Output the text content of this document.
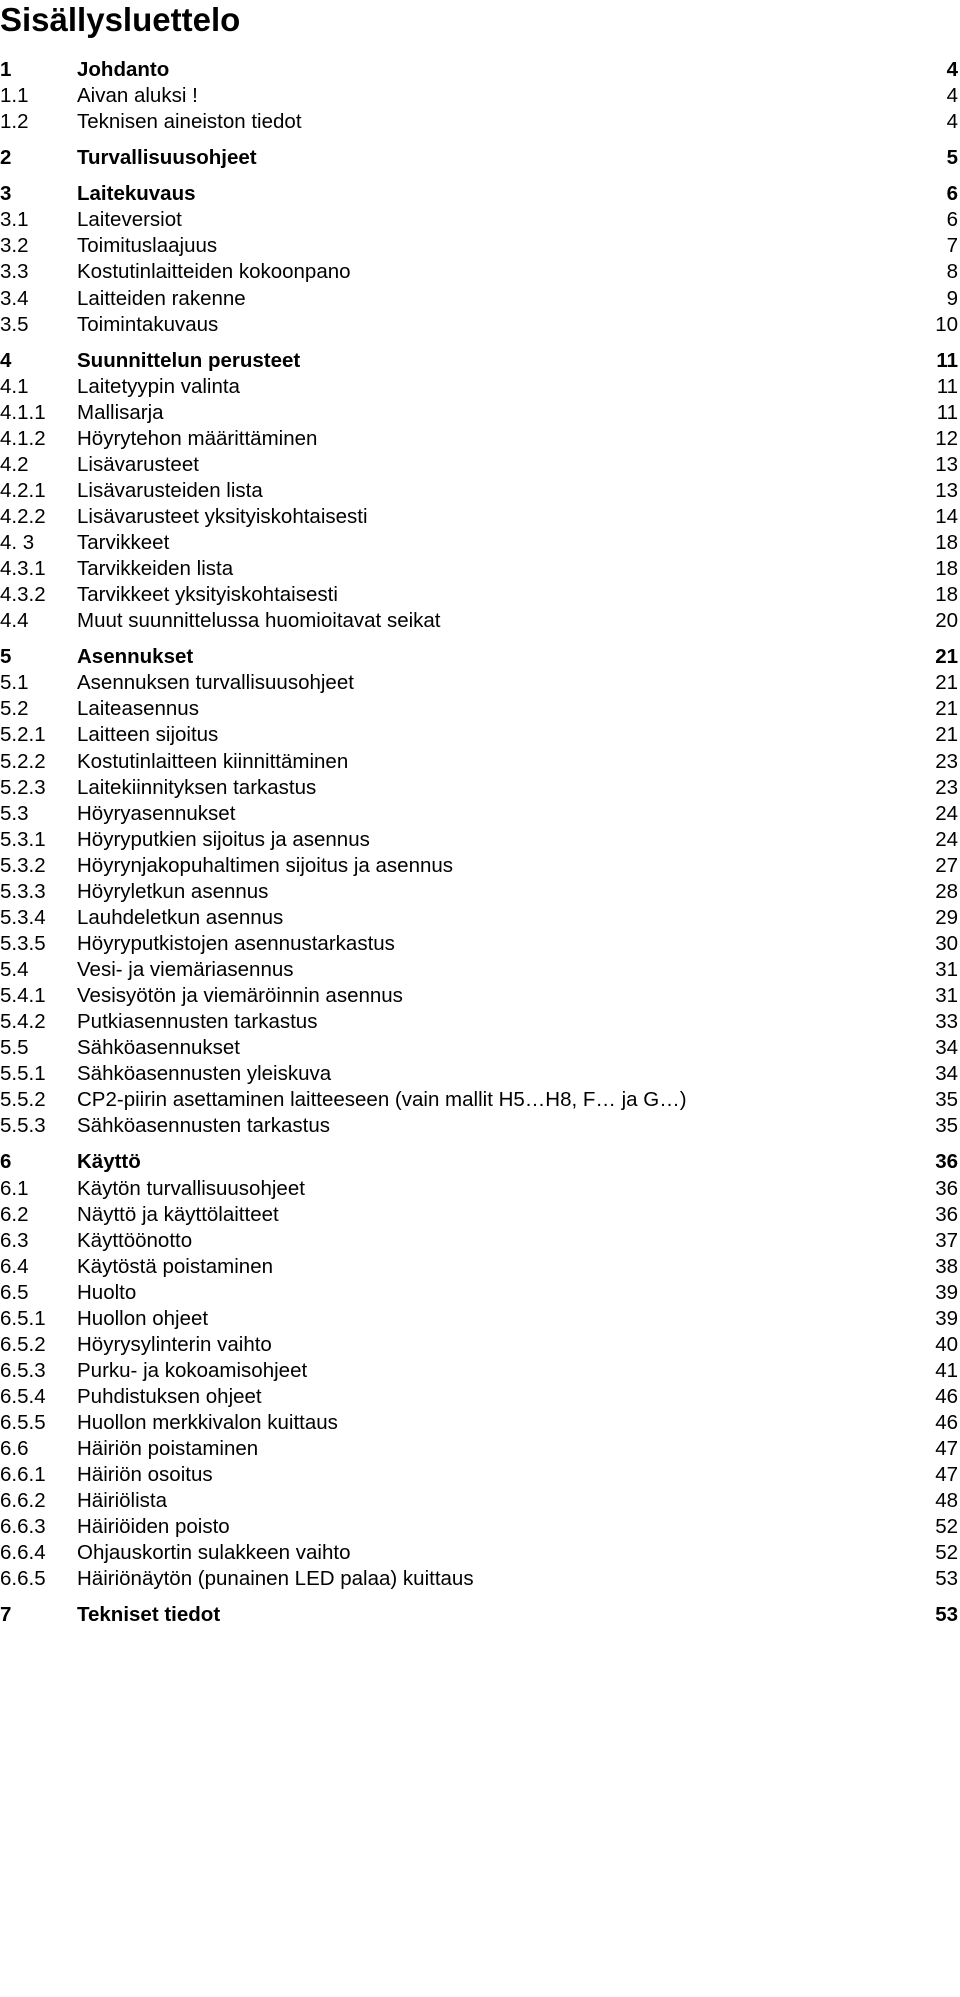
Sisällysluettelo
1	Johdanto	4
1.1 Aivan aluksi !	4
1.2 Teknisen aineiston tiedot	4
2	Turvallisuusohjeet	5
3	Laitekuvaus	6
3.1 Laiteversiot	6
3.2 Toimituslaajuus	7
3.3 Kostutinlaitteiden kokoonpano	8
3.4 Laitteiden rakenne	9
3.5 Toimintakuvaus	10
4	Suunnittelun perusteet	11
4.1 Laitetyypin valinta	11
4.1.1 Mallisarja	11
4.1.2 Höyrytehon määrittäminen	12
4.2 Lisävarusteet	13
4.2.1 Lisävarusteiden lista	13
4.2.2 Lisävarusteet yksityiskohtaisesti	14
4. 3 Tarvikkeet	18
4.3.1 Tarvikkeiden lista	18
4.3.2 Tarvikkeet yksityiskohtaisesti	18
4.4 Muut suunnittelussa huomioitavat seikat	20
5	Asennukset	21
5.1 Asennuksen turvallisuusohjeet	21
5.2 Laiteasennus	21
5.2.1 Laitteen sijoitus	21
5.2.2 Kostutinlaitteen kiinnittäminen	23
5.2.3 Laitekiinnityksen tarkastus	23
5.3 Höyryasennukset	24
5.3.1 Höyryputkien sijoitus ja asennus	24
5.3.2 Höyrynjakopuhaltimen sijoitus ja asennus	27
5.3.3 Höyryletkun asennus	28
5.3.4 Lauhdeletkun asennus	29
5.3.5 Höyryputkistojen asennustarkastus	30
5.4 Vesi- ja viemäriasennus	31
5.4.1 Vesisyötön ja viemäröinnin asennus	31
5.4.2 Putkiasennusten tarkastus	33
5.5 Sähköasennukset	34
5.5.1 Sähköasennusten yleiskuva	34
5.5.2 CP2-piirin asettaminen laitteeseen (vain mallit H5…H8, F… ja G…)	35
5.5.3 Sähköasennusten tarkastus	35
6	Käyttö	36
6.1 Käytön turvallisuusohjeet	36
6.2 Näyttö ja käyttölaitteet	36
6.3 Käyttöönotto	37
6.4 Käytöstä poistaminen	38
6.5 Huolto	39
6.5.1 Huollon ohjeet	39
6.5.2 Höyrysylinterin vaihto	40
6.5.3 Purku- ja kokoamisohjeet	41
6.5.4 Puhdistuksen ohjeet	46
6.5.5 Huollon merkkivalon kuittaus	46
6.6 Häiriön poistaminen	47
6.6.1 Häiriön osoitus	47
6.6.2 Häiriölista	48
6.6.3 Häiriöiden poisto	52
6.6.4 Ohjauskortin sulakkeen vaihto	52
6.6.5 Häiriönäytön (punainen LED palaa) kuittaus	53
7	Tekniset tiedot	53
